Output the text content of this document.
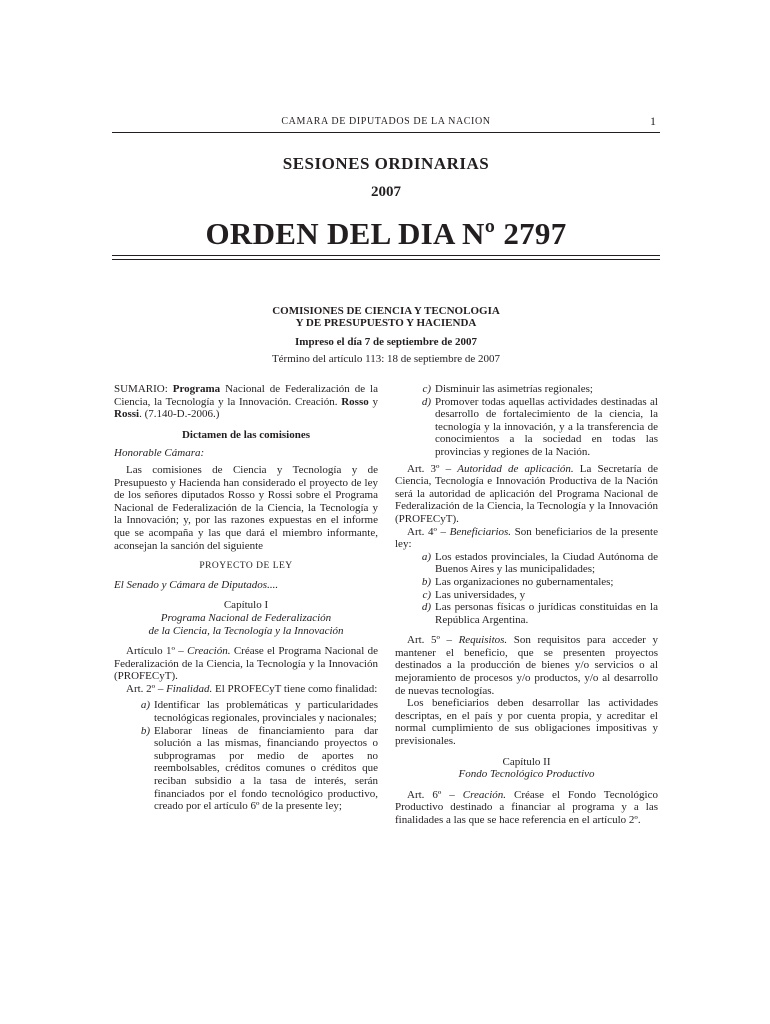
CAMARA DE DIPUTADOS DE LA NACION	1
SESIONES ORDINARIAS
2007
ORDEN DEL DIA Nº 2797
COMISIONES DE CIENCIA Y TECNOLOGIA
Y DE PRESUPUESTO Y HACIENDA
Impreso el día 7 de septiembre de 2007
Término del artículo 113: 18 de septiembre de 2007

SUMARIO: Programa Nacional de Federalización de la Ciencia, la Tecnología y la Innovación. Creación. Rosso y Rossi. (7.140-D.-2006.)

Dictamen de las comisiones

Honorable Cámara:

Las comisiones de Ciencia y Tecnología y de Presupuesto y Hacienda han considerado el proyecto de ley de los señores diputados Rosso y Rossi sobre el Programa Nacional de Federalización de la Ciencia, la Tecnología y la Innovación; y, por las razones expuestas en el informe que se acompaña y las que dará el miembro informante, aconsejan la sanción del siguiente

PROYECTO DE LEY

El Senado y Cámara de Diputados....

Capítulo I

Programa Nacional de Federalización

de la Ciencia, la Tecnología y la Innovación

Artículo 1º – Creación. Créase el Programa Nacional de Federalización de la Ciencia, la Tecnología y la Innovación (PROFECyT).

Art. 2º – Finalidad. El PROFECyT tiene como finalidad:

a) Identificar las problemáticas y particularidades tecnológicas regionales, provinciales y nacionales;
b) Elaborar líneas de financiamiento para dar solución a las mismas, financiando proyectos o subprogramas por medio de aportes no reembolsables, créditos comunes o créditos que reciban subsidio a la tasa de interés, serán financiados por el fondo tecnológico productivo, creado por el artículo 6º de la presente ley;
c) Disminuir las asimetrías regionales;
d) Promover todas aquellas actividades destinadas al desarrollo de fortalecimiento de la ciencia, la tecnología y la innovación, y a la transferencia de conocimientos a la sociedad en todas las provincias y regiones de la Nación.

Art. 3º – Autoridad de aplicación. La Secretaría de Ciencia, Tecnología e Innovación Productiva de la Nación será la autoridad de aplicación del Programa Nacional de Federalización de la Ciencia, la Tecnología y la Innovación (PROFECyT).

Art. 4º – Beneficiarios. Son beneficiarios de la presente ley:

a) Los estados provinciales, la Ciudad Autónoma de Buenos Aires y las municipalidades;
b) Las organizaciones no gubernamentales;
c) Las universidades, y
d) Las personas físicas o jurídicas constituidas en la República Argentina.

Art. 5º – Requisitos. Son requisitos para acceder y mantener el beneficio, que se presenten proyectos destinados a la producción de bienes y/o servicios o al mejoramiento de procesos y/o productos, y/o al desarrollo de nuevas tecnologías.

Los beneficiarios deben desarrollar las actividades descriptas, en el país y por cuenta propia, y acreditar el normal cumplimiento de sus obligaciones impositivas y previsionales.

Capítulo II

Fondo Tecnológico Productivo

Art. 6º – Creación. Créase el Fondo Tecnológico Productivo destinado a financiar al programa y a las finalidades a las que se hace referencia en el artículo 2º.
